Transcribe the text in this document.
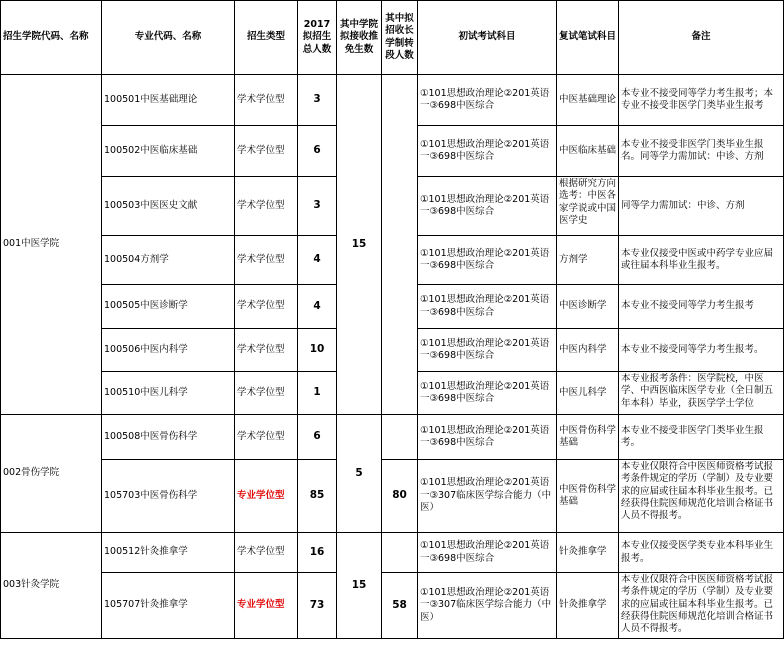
招生学院代码、名称	专业代码、名称	招生类型	2017拟招生总人数	其中学院拟接收推免生数	其中拟招收长学制转段人数	初试考试科目	复试笔试科目	备注
001中医学院	100501中医基础理论	学术学位型	3	15		①101思想政治理论②201英语一③698中医综合	中医基础理论	本专业不接受同等学力考生报考；本专业不接受非医学门类毕业生报考
	100502中医临床基础	学术学位型	6			①101思想政治理论②201英语一③698中医综合	中医临床基础	本专业不接受非医学门类毕业生报名。同等学力需加试：中诊、方剂
	100503中医医史文献	学术学位型	3			①101思想政治理论②201英语一③698中医综合	根据研究方向选考：中医各家学说或中国医学史	同等学力需加试：中诊、方剂

	100504方剂学	学术学位型	4			①101思想政治理论②201英语一③698中医综合	方剂学	本专业仅接受中医或中药学专业应届或往届本科毕业生报考。

	100505中医诊断学	学术学位型	4			①101思想政治理论②201英语一③698中医综合	中医诊断学	本专业不接受同等学力考生报考
	100506中医内科学	学术学位型	10			①101思想政治理论②201英语一③698中医综合	中医内科学	本专业不接受同等学力考生报考。
	100510中医儿科学	学术学位型	1			①101思想政治理论②201英语一③698中医综合	中医儿科学	本专业报考条件：医学院校，中医学、中西医临床医学专业（全日制五年本科）毕业，获医学学士学位

002骨伤学院	100508中医骨伤科学	学术学位型	6	5		①101思想政治理论②201英语一③698中医综合	中医骨伤科学基础	本专业不接受非医学门类毕业生报考。

	105703中医骨伤科学	专业学位型	85		80	①101思想政治理论②201英语一③307临床医学综合能力（中医）	中医骨伤科学基础	本专业仅限符合中医医师资格考试报考条件规定的学历（学制）及专业要求的应届或往届本科毕业生报考。已经获得住院医师规范化培训合格证书人员不得报考。

003针灸学院	100512针灸推拿学	学术学位型	16	15		①101思想政治理论②201英语一③698中医综合	针灸推拿学	本专业仅接受医学类专业本科毕业生报考。

	105707针灸推拿学	专业学位型	73		58	①101思想政治理论②201英语一③307临床医学综合能力（中医）	针灸推拿学	本专业仅限符合中医医师资格考试报考条件规定的学历（学制）及专业要求的应届或往届本科毕业生报考。已经获得住院医师规范化培训合格证书人员不得报考。
